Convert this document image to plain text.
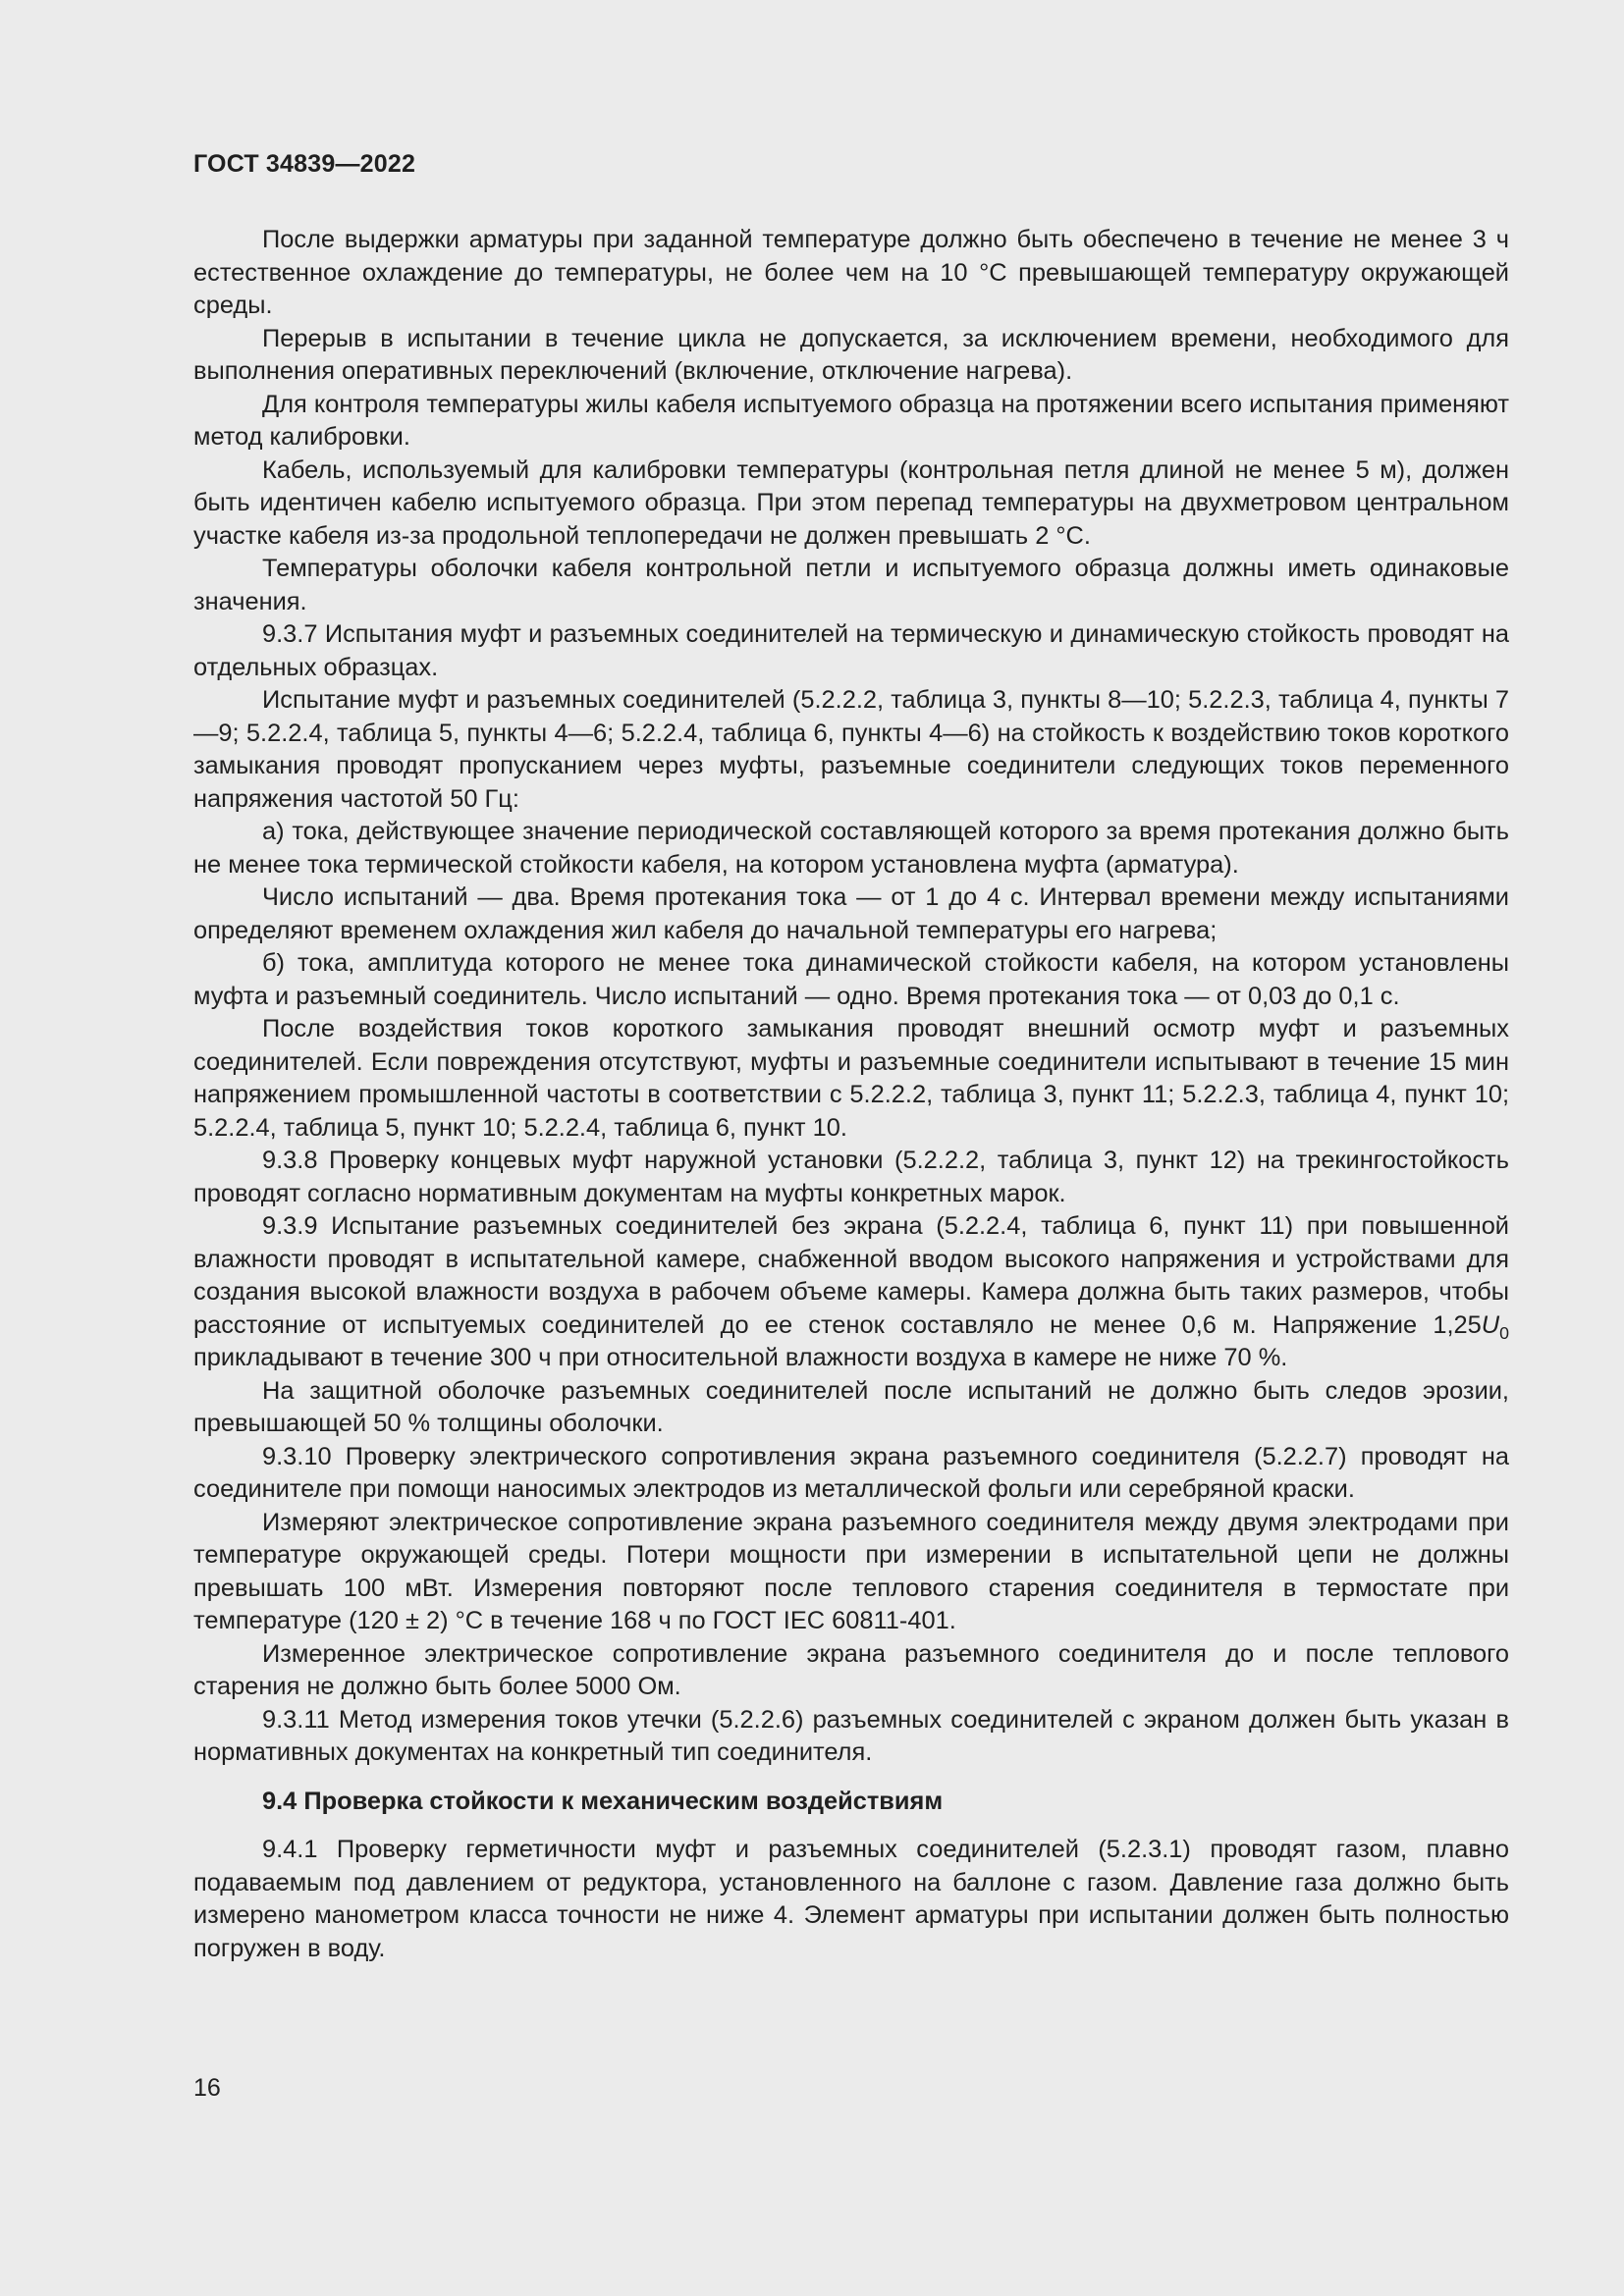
ГОСТ 34839—2022

После выдержки арматуры при заданной температуре должно быть обеспечено в течение не менее 3 ч естественное охлаждение до температуры, не более чем на 10 °С превышающей температуру окружающей среды.

Перерыв в испытании в течение цикла не допускается, за исключением времени, необходимого для выполнения оперативных переключений (включение, отключение нагрева).

Для контроля температуры жилы кабеля испытуемого образца на протяжении всего испытания применяют метод калибровки.

Кабель, используемый для калибровки температуры (контрольная петля длиной не менее 5 м), должен быть идентичен кабелю испытуемого образца. При этом перепад температуры на двухметровом центральном участке кабеля из-за продольной теплопередачи не должен превышать 2 °С.

Температуры оболочки кабеля контрольной петли и испытуемого образца должны иметь одинаковые значения.

9.3.7 Испытания муфт и разъемных соединителей на термическую и динамическую стойкость проводят на отдельных образцах.

Испытание муфт и разъемных соединителей (5.2.2.2, таблица 3, пункты 8—10; 5.2.2.3, таблица 4, пункты 7—9; 5.2.2.4, таблица 5, пункты 4—6; 5.2.2.4, таблица 6, пункты 4—6) на стойкость к воздействию токов короткого замыкания проводят пропусканием через муфты, разъемные соединители следующих токов переменного напряжения частотой 50 Гц:

а) тока, действующее значение периодической составляющей которого за время протекания должно быть не менее тока термической стойкости кабеля, на котором установлена муфта (арматура).

Число испытаний — два. Время протекания тока — от 1 до 4 с. Интервал времени между испытаниями определяют временем охлаждения жил кабеля до начальной температуры его нагрева;

б) тока, амплитуда которого не менее тока динамической стойкости кабеля, на котором установлены муфта и разъемный соединитель. Число испытаний — одно. Время протекания тока — от 0,03 до 0,1 с.

После воздействия токов короткого замыкания проводят внешний осмотр муфт и разъемных соединителей. Если повреждения отсутствуют, муфты и разъемные соединители испытывают в течение 15 мин напряжением промышленной частоты в соответствии с 5.2.2.2, таблица 3, пункт 11; 5.2.2.3, таблица 4, пункт 10; 5.2.2.4, таблица 5, пункт 10; 5.2.2.4, таблица 6, пункт 10.

9.3.8 Проверку концевых муфт наружной установки (5.2.2.2, таблица 3, пункт 12) на трекингостойкость проводят согласно нормативным документам на муфты конкретных марок.

9.3.9 Испытание разъемных соединителей без экрана (5.2.2.4, таблица 6, пункт 11) при повышенной влажности проводят в испытательной камере, снабженной вводом высокого напряжения и устройствами для создания высокой влажности воздуха в рабочем объеме камеры. Камера должна быть таких размеров, чтобы расстояние от испытуемых соединителей до ее стенок составляло не менее 0,6 м. Напряжение $1,25U_0$ прикладывают в течение 300 ч при относительной влажности воздуха в камере не ниже 70 %.

На защитной оболочке разъемных соединителей после испытаний не должно быть следов эрозии, превышающей 50 % толщины оболочки.

9.3.10 Проверку электрического сопротивления экрана разъемного соединителя (5.2.2.7) проводят на соединителе при помощи наносимых электродов из металлической фольги или серебряной краски.

Измеряют электрическое сопротивление экрана разъемного соединителя между двумя электродами при температуре окружающей среды. Потери мощности при измерении в испытательной цепи не должны превышать 100 мВт. Измерения повторяют после теплового старения соединителя в термостате при температуре (120 ± 2) °С в течение 168 ч по ГОСТ IEC 60811-401.

Измеренное электрическое сопротивление экрана разъемного соединителя до и после теплового старения не должно быть более 5000 Ом.

9.3.11 Метод измерения токов утечки (5.2.2.6) разъемных соединителей с экраном должен быть указан в нормативных документах на конкретный тип соединителя.

9.4 Проверка стойкости к механическим воздействиям

9.4.1 Проверку герметичности муфт и разъемных соединителей (5.2.3.1) проводят газом, плавно подаваемым под давлением от редуктора, установленного на баллоне с газом. Давление газа должно быть измерено манометром класса точности не ниже 4. Элемент арматуры при испытании должен быть полностью погружен в воду.

16
